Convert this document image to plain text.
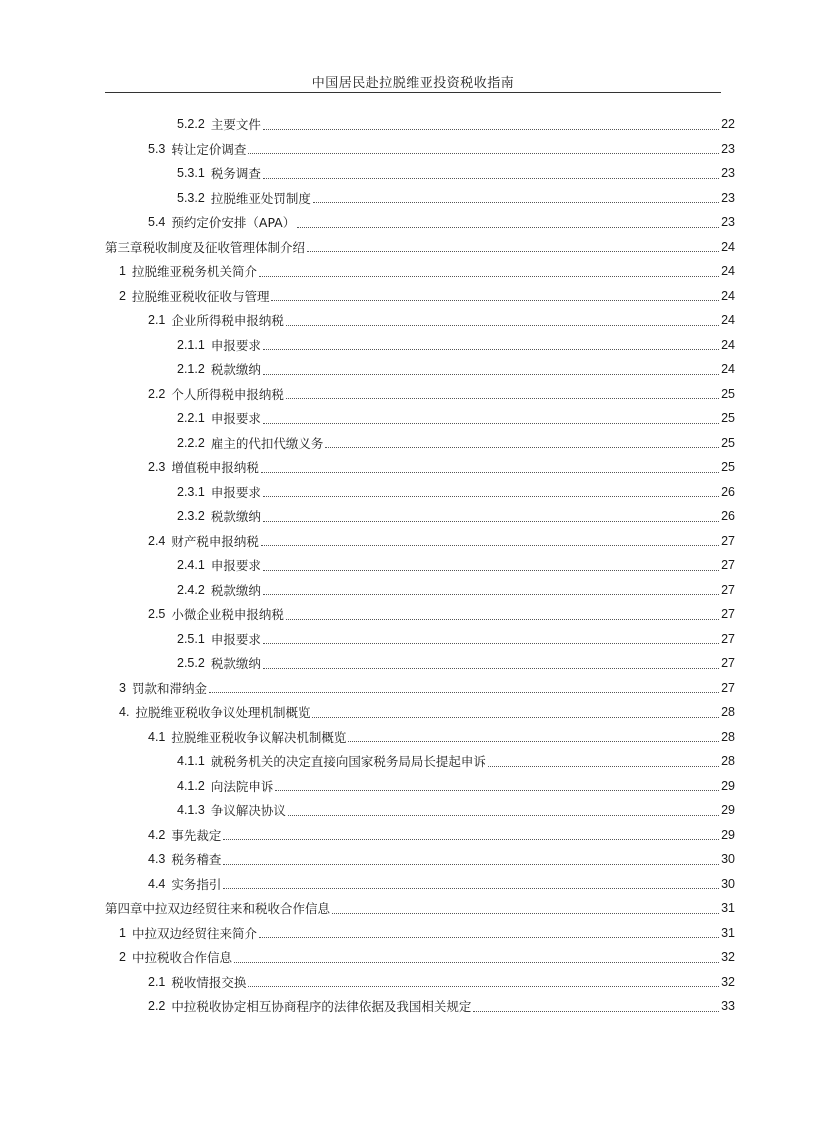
中国居民赴拉脱维亚投资税收指南
5.2.2 主要文件	22
5.3 转让定价调查	23
5.3.1 税务调查	23
5.3.2 拉脱维亚处罚制度	23
5.4 预约定价安排（APA）	23
第三章税收制度及征收管理体制介绍	24
1 拉脱维亚税务机关简介	24
2 拉脱维亚税收征收与管理	24
2.1 企业所得税申报纳税	24
2.1.1 申报要求	24
2.1.2 税款缴纳	24
2.2 个人所得税申报纳税	25
2.2.1 申报要求	25
2.2.2 雇主的代扣代缴义务	25
2.3 增值税申报纳税	25
2.3.1 申报要求	26
2.3.2 税款缴纳	26
2.4 财产税申报纳税	27
2.4.1 申报要求	27
2.4.2 税款缴纳	27
2.5 小微企业税申报纳税	27
2.5.1 申报要求	27
2.5.2 税款缴纳	27
3 罚款和滞纳金	27
4. 拉脱维亚税收争议处理机制概览	28
4.1 拉脱维亚税收争议解决机制概览	28
4.1.1 就税务机关的决定直接向国家税务局局长提起申诉	28
4.1.2 向法院申诉	29
4.1.3 争议解决协议	29
4.2 事先裁定	29
4.3 税务稽查	30
4.4 实务指引	30
第四章中拉双边经贸往来和税收合作信息	31
1 中拉双边经贸往来简介	31
2 中拉税收合作信息	32
2.1 税收情报交换	32
2.2 中拉税收协定相互协商程序的法律依据及我国相关规定	33
